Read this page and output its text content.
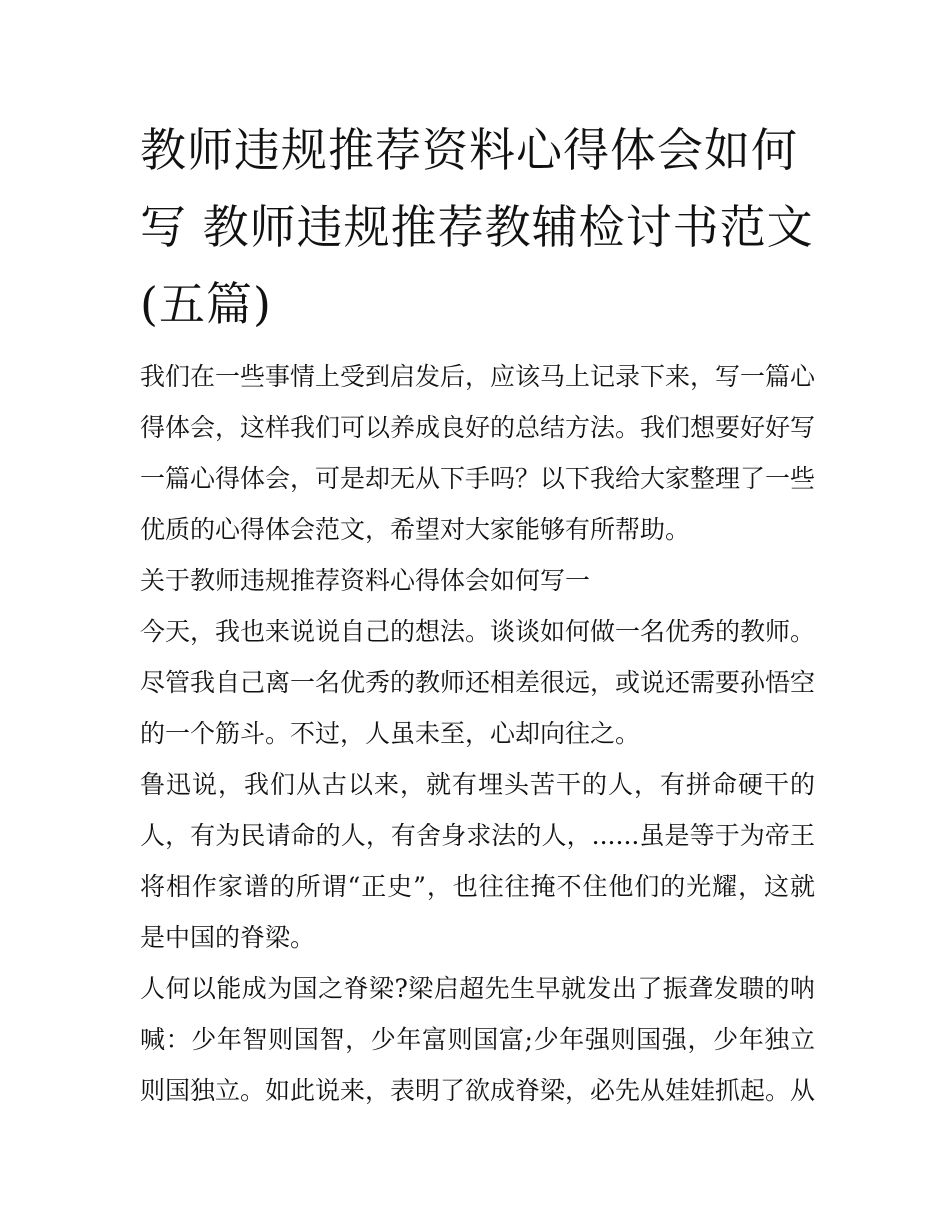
教师违规推荐资料心得体会如何写 教师违规推荐教辅检讨书范文(五篇)

我们在一些事情上受到启发后，应该马上记录下来，写一篇心得体会，这样我们可以养成良好的总结方法。我们想要好好写一篇心得体会，可是却无从下手吗？以下我给大家整理了一些优质的心得体会范文，希望对大家能够有所帮助。

关于教师违规推荐资料心得体会如何写一

今天，我也来说说自己的想法。谈谈如何做一名优秀的教师。尽管我自己离一名优秀的教师还相差很远，或说还需要孙悟空的一个筋斗。不过，人虽未至，心却向往之。

鲁迅说，我们从古以来，就有埋头苦干的人，有拼命硬干的人，有为民请命的人，有舍身求法的人，......虽是等于为帝王将相作家谱的所谓“正史”，也往往掩不住他们的光耀，这就是中国的脊梁。

人何以能成为国之脊梁?梁启超先生早就发出了振聋发聩的呐喊：少年智则国智，少年富则国富;少年强则国强，少年独立则国独立。如此说来，表明了欲成脊梁，必先从娃娃抓起。从
